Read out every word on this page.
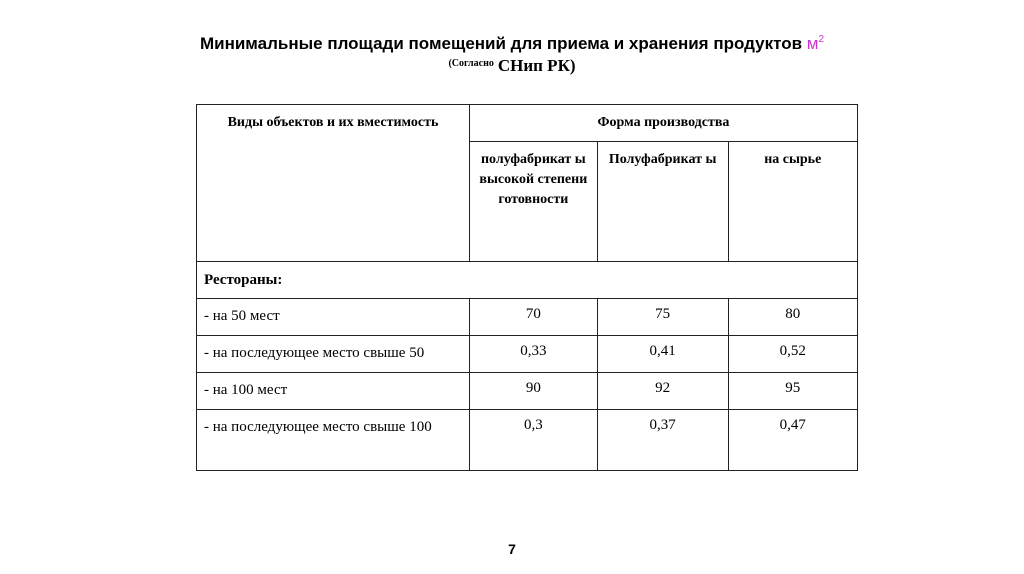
Минимальные площади помещений для приема и хранения продуктов $м^2$
$^{(Согласно}$ СНип РК)
Виды объектов и их вместимость	Форма производства		
	полуфабрикат ы высокой степени готовности	Полуфабрикат ы	на сырье
Рестораны:			
- на 50 мест	70	75	80
- на последующее место свыше 50	0,33	0,41	0,52
- на 100 мест	90	92	95
- на последующее место свыше 100	0,3	0,37	0,47
7
